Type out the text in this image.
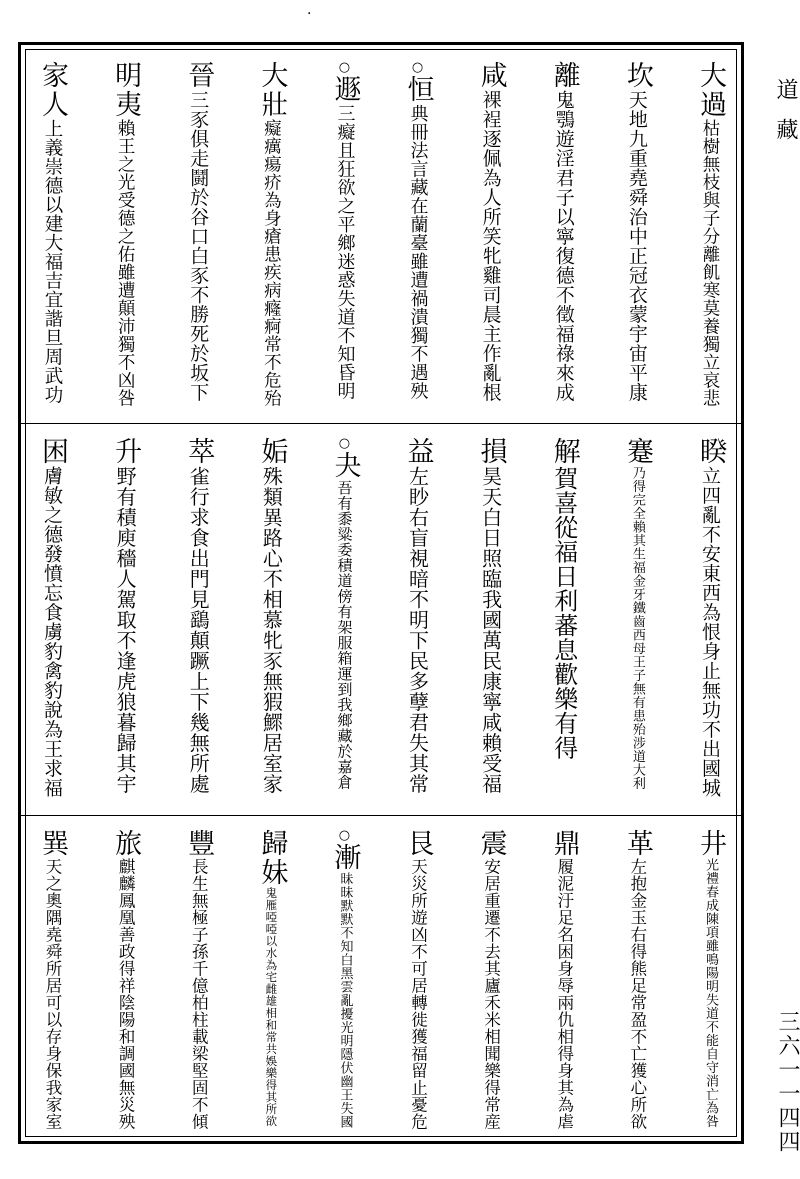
.
道藏
三六一一四四
大過
枯樹無枝與子分離飢寒莫養獨立哀悲
坎
天地九重堯舜治中正冠衣蒙宇宙平康
離
鬼鶚遊淫君子以寧復德不徵福祿來成
咸
裸裎逐佩為人所笑牝雞司晨主作亂根
○
恒
典冊法言藏在蘭臺雖遭禍潰獨不遇殃
○
遯
三癡且狂欲之平鄉迷惑失道不知昏明
大壯
癡癘瘍疥為身瘡患疾病癃痾常不危殆
晉
三豕俱走鬪於谷口白豕不勝死於坂下
明夷
賴王之光受德之佑雖遭顛沛獨不凶咎
家人
上義崇德以建大福吉宜諧旦周武功
睽
立四亂不安東西為恨身止無功不出國城
蹇
乃得完全賴其生福金牙鐵齒西母王子無有患殆涉道大利
解
賀喜從福日利蕃息歡樂有得
損
昊天白日照臨我國萬民康寧咸賴受福
益
左眇右盲視暗不明下民多孽君失其常
○
夬
吾有黍粱委積道傍有架服箱運到我鄉藏於嘉倉
姤
殊類異路心不相慕牝豕無猳鰥居室家
萃
雀行求食出門見鷂顛蹶上下幾無所處
升
野有積庾穡人駕取不逢虎狼暮歸其宇
困
膚敏之德發憤忘食虜豹禽豹說為王求福
井
光禮春成陳項雖鳴陽明失道不能自守消亡為咎
革
左抱金玉右得熊足常盈不亡獲心所欲
鼎
履泥汙足名困身辱兩仇相得身其為虐
震
安居重遷不去其廬禾米相聞樂得常産
艮
天災所遊凶不可居轉徙獲福留止憂危
○
漸
昧昧默默不知白黑雲亂擾光明隱伏幽王失國
歸妹
鬼雁啞啞以水為宅雌雄相和常共娛樂得其所欲
豐
長生無極子孫千億柏柱載梁堅固不傾
旅
麒麟鳳凰善政得祥陰陽和調國無災殃
巽
天之奧隅堯舜所居可以存身保我家室
